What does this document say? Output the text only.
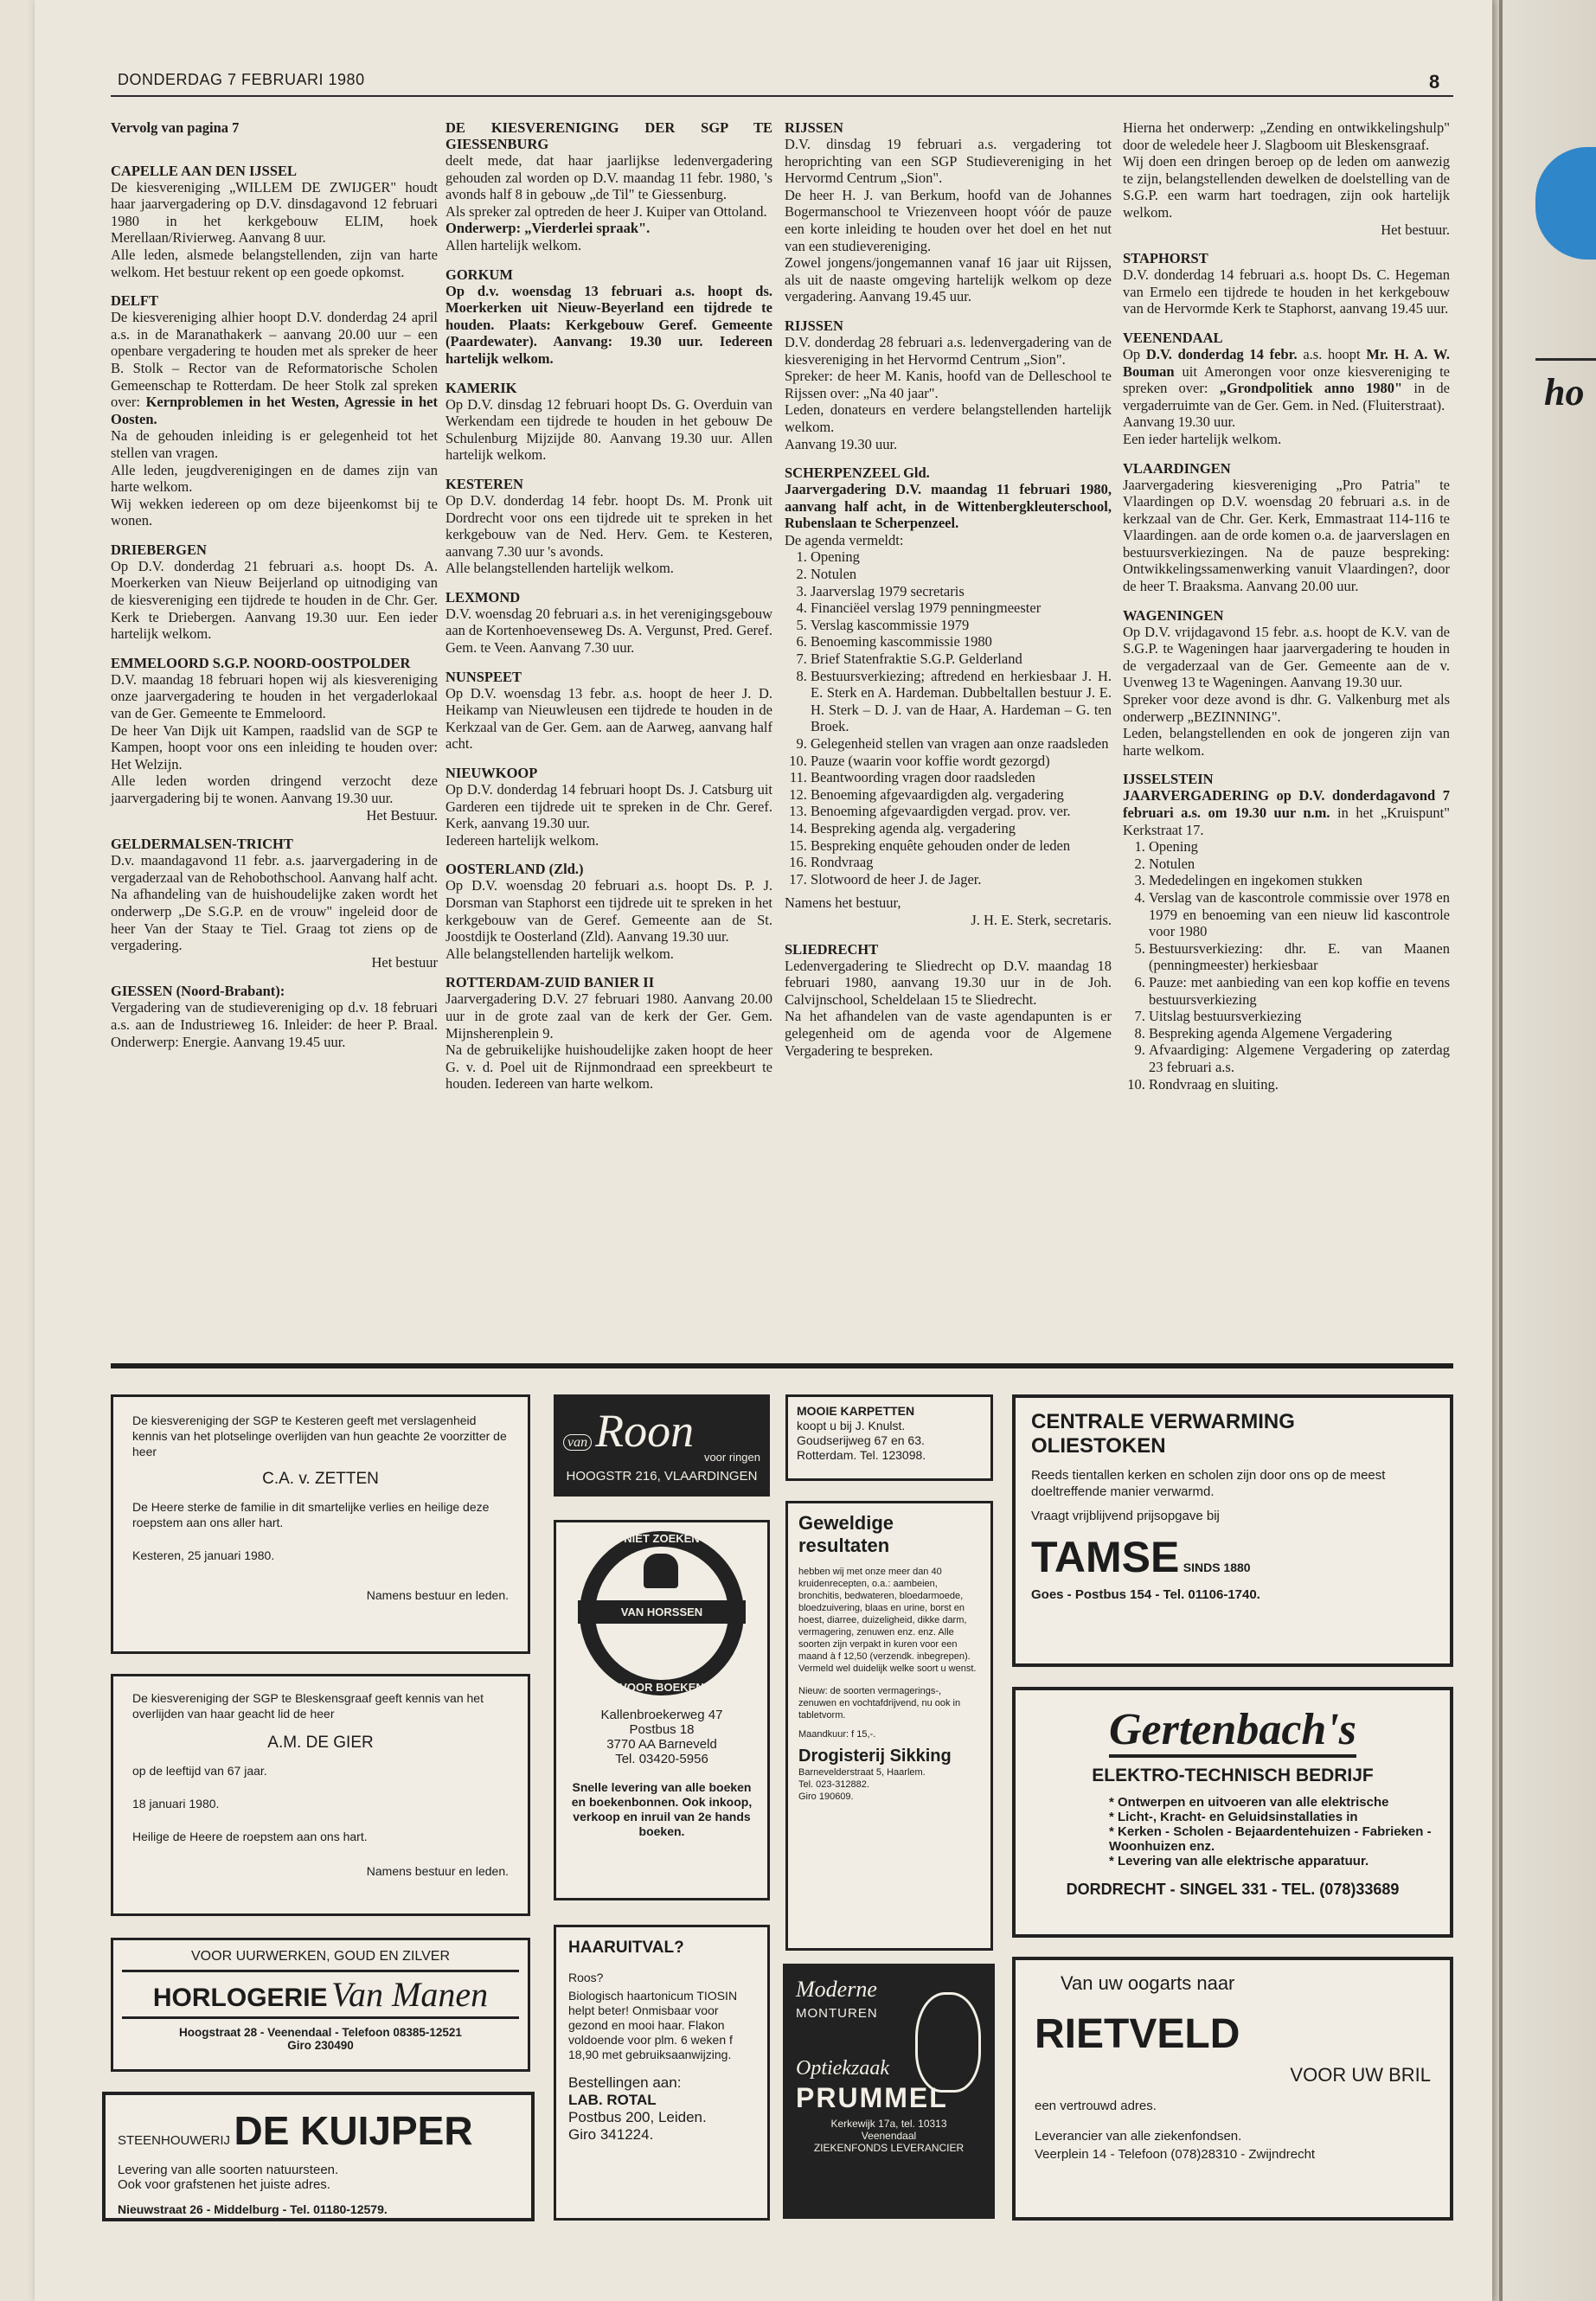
ho
DONDERDAG 7 FEBRUARI 1980	8

Vervolg van pagina 7

CAPELLE AAN DEN IJSSEL

De kiesvereniging „WILLEM DE ZWIJGER" houdt haar jaarvergadering op D.V. dinsdagavond 12 februari 1980 in het kerkgebouw ELIM, hoek Merellaan/Rivierweg. Aanvang 8 uur.

Alle leden, alsmede belangstellenden, zijn van harte welkom. Het bestuur rekent op een goede opkomst.

DELFT

De kiesvereniging alhier hoopt D.V. donderdag 24 april a.s. in de Maranathakerk – aanvang 20.00 uur – een openbare vergadering te houden met als spreker de heer B. Stolk – Rector van de Reformatorische Scholen Gemeenschap te Rotterdam. De heer Stolk zal spreken over: Kernproblemen in het Westen, Agressie in het Oosten.

Na de gehouden inleiding is er gelegenheid tot het stellen van vragen.

Alle leden, jeugdverenigingen en de dames zijn van harte welkom.

Wij wekken iedereen op om deze bijeenkomst bij te wonen.

DRIEBERGEN

Op D.V. donderdag 21 februari a.s. hoopt Ds. A. Moerkerken van Nieuw Beijerland op uitnodiging van de kiesvereniging een tijdrede te houden in de Chr. Ger. Kerk te Driebergen. Aanvang 19.30 uur. Een ieder hartelijk welkom.

EMMELOORD S.G.P. NOORD-OOSTPOLDER

D.V. maandag 18 februari hopen wij als kiesvereniging onze jaarvergadering te houden in het vergaderlokaal van de Ger. Gemeente te Emmeloord.

De heer Van Dijk uit Kampen, raadslid van de SGP te Kampen, hoopt voor ons een inleiding te houden over: Het Welzijn.

Alle leden worden dringend verzocht deze jaarvergadering bij te wonen. Aanvang 19.30 uur.

Het Bestuur.

GELDERMALSEN-TRICHT

D.v. maandagavond 11 febr. a.s. jaarvergadering in de vergaderzaal van de Rehobothschool. Aanvang half acht. Na afhandeling van de huishoudelijke zaken wordt het onderwerp „De S.G.P. en de vrouw" ingeleid door de heer Van der Staay te Tiel. Graag tot ziens op de vergadering.

Het bestuur

GIESSEN (Noord-Brabant):

Vergadering van de studievereniging op d.v. 18 februari a.s. aan de Industrieweg 16. Inleider: de heer P. Braal. Onderwerp: Energie. Aanvang 19.45 uur.

DE KIESVERENIGING DER SGP TE GIESSENBURG

deelt mede, dat haar jaarlijkse ledenvergadering gehouden zal worden op D.V. maandag 11 febr. 1980, 's avonds half 8 in gebouw „de Til" te Giessenburg.

Als spreker zal optreden de heer J. Kuiper van Ottoland.

Onderwerp: „Vierderlei spraak".

Allen hartelijk welkom.

GORKUM

Op d.v. woensdag 13 februari a.s. hoopt ds. Moerkerken uit Nieuw-Beyerland een tijdrede te houden. Plaats: Kerkgebouw Geref. Gemeente (Paardewater). Aanvang: 19.30 uur. Iedereen hartelijk welkom.

KAMERIK

Op D.V. dinsdag 12 februari hoopt Ds. G. Overduin van Werkendam een tijdrede te houden in het gebouw De Schulenburg Mijzijde 80. Aanvang 19.30 uur. Allen hartelijk welkom.

KESTEREN

Op D.V. donderdag 14 febr. hoopt Ds. M. Pronk uit Dordrecht voor ons een tijdrede uit te spreken in het kerkgebouw van de Ned. Herv. Gem. te Kesteren, aanvang 7.30 uur 's avonds.

Alle belangstellenden hartelijk welkom.

LEXMOND

D.V. woensdag 20 februari a.s. in het verenigingsgebouw aan de Kortenhoevenseweg Ds. A. Vergunst, Pred. Geref. Gem. te Veen. Aanvang 7.30 uur.

NUNSPEET

Op D.V. woensdag 13 febr. a.s. hoopt de heer J. D. Heikamp van Nieuwleusen een tijdrede te houden in de Kerkzaal van de Ger. Gem. aan de Aarweg, aanvang half acht.

NIEUWKOOP

Op D.V. donderdag 14 februari hoopt Ds. J. Catsburg uit Garderen een tijdrede uit te spreken in de Chr. Geref. Kerk, aanvang 19.30 uur.

Iedereen hartelijk welkom.

OOSTERLAND (Zld.)

Op D.V. woensdag 20 februari a.s. hoopt Ds. P. J. Dorsman van Staphorst een tijdrede uit te spreken in het kerkgebouw van de Geref. Gemeente aan de St. Joostdijk te Oosterland (Zld). Aanvang 19.30 uur.

Alle belangstellenden hartelijk welkom.

ROTTERDAM-ZUID BANIER II

Jaarvergadering D.V. 27 februari 1980. Aanvang 20.00 uur in de grote zaal van de kerk der Ger. Gem. Mijnsherenplein 9.

Na de gebruikelijke huishoudelijke zaken hoopt de heer G. v. d. Poel uit de Rijnmondraad een spreekbeurt te houden. Iedereen van harte welkom.

RIJSSEN

D.V. dinsdag 19 februari a.s. vergadering tot heroprichting van een SGP Studievereniging in het Hervormd Centrum „Sion".

De heer H. J. van Berkum, hoofd van de Johannes Bogermanschool te Vriezenveen hoopt vóór de pauze een korte inleiding te houden over het doel en het nut van een studievereniging.

Zowel jongens/jongemannen vanaf 16 jaar uit Rijssen, als uit de naaste omgeving hartelijk welkom op deze vergadering. Aanvang 19.45 uur.

RIJSSEN

D.V. donderdag 28 februari a.s. ledenvergadering van de kiesvereniging in het Hervormd Centrum „Sion".

Spreker: de heer M. Kanis, hoofd van de Delleschool te Rijssen over: „Na 40 jaar".

Leden, donateurs en verdere belangstellenden hartelijk welkom.

Aanvang 19.30 uur.

SCHERPENZEEL Gld.

Jaarvergadering D.V. maandag 11 februari 1980, aanvang half acht, in de Wittenbergkleuterschool, Rubenslaan te Scherpenzeel.

De agenda vermeldt:

1. Opening
2. Notulen
3. Jaarverslag 1979 secretaris
4. Financiëel verslag 1979 penningmeester
5. Verslag kascommissie 1979
6. Benoeming kascommissie 1980
7. Brief Statenfraktie S.G.P. Gelderland
8. Bestuursverkiezing; aftredend en herkiesbaar J. H. E. Sterk en A. Hardeman. Dubbeltallen bestuur J. E. H. Sterk – D. J. van de Haar, A. Hardeman – G. ten Broek.
9. Gelegenheid stellen van vragen aan onze raadsleden
10. Pauze (waarin voor koffie wordt gezorgd)
11. Beantwoording vragen door raadsleden
12. Benoeming afgevaardigden alg. vergadering
13. Benoeming afgevaardigden vergad. prov. ver.
14. Bespreking agenda alg. vergadering
15. Bespreking enquête gehouden onder de leden
16. Rondvraag
17. Slotwoord de heer J. de Jager.

Namens het bestuur,

J. H. E. Sterk, secretaris.

SLIEDRECHT

Ledenvergadering te Sliedrecht op D.V. maandag 18 februari 1980, aanvang 19.30 uur in de Joh. Calvijnschool, Scheldelaan 15 te Sliedrecht.

Na het afhandelen van de vaste agendapunten is er gelegenheid om de agenda voor de Algemene Vergadering te bespreken.

Hierna het onderwerp: „Zending en ontwikkelingshulp" door de weledele heer J. Slagboom uit Bleskensgraaf.

Wij doen een dringen beroep op de leden om aanwezig te zijn, belangstellenden dewelken de doelstelling van de S.G.P. een warm hart toedragen, zijn ook hartelijk welkom.

Het bestuur.

STAPHORST

D.V. donderdag 14 februari a.s. hoopt Ds. C. Hegeman van Ermelo een tijdrede te houden in het kerkgebouw van de Hervormde Kerk te Staphorst, aanvang 19.45 uur.

VEENENDAAL

Op D.V. donderdag 14 febr. a.s. hoopt Mr. H. A. W. Bouman uit Amerongen voor onze kiesvereniging te spreken over: „Grondpolitiek anno 1980" in de vergaderruimte van de Ger. Gem. in Ned. (Fluiterstraat).

Aanvang 19.30 uur.

Een ieder hartelijk welkom.

VLAARDINGEN

Jaarvergadering kiesvereniging „Pro Patria" te Vlaardingen op D.V. woensdag 20 februari a.s. in de kerkzaal van de Chr. Ger. Kerk, Emmastraat 114-116 te Vlaardingen. aan de orde komen o.a. de jaarverslagen en bestuursverkiezingen. Na de pauze bespreking: Ontwikkelingssamenwerking vanuit Vlaardingen?, door de heer T. Braaksma. Aanvang 20.00 uur.

WAGENINGEN

Op D.V. vrijdagavond 15 febr. a.s. hoopt de K.V. van de S.G.P. te Wageningen haar jaarvergadering te houden in de vergaderzaal van de Ger. Gemeente aan de v. Uvenweg 13 te Wageningen. Aanvang 19.30 uur.

Spreker voor deze avond is dhr. G. Valkenburg met als onderwerp „BEZINNING".

Leden, belangstellenden en ook de jongeren zijn van harte welkom.

IJSSELSTEIN

JAARVERGADERING op D.V. donderdagavond 7 februari a.s. om 19.30 uur n.m. in het „Kruispunt" Kerkstraat 17.

1. Opening
2. Notulen
3. Mededelingen en ingekomen stukken
4. Verslag van de kascontrole commissie over 1978 en 1979 en benoeming van een nieuw lid kascontrole voor 1980
5. Bestuursverkiezing: dhr. E. van Maanen (penningmeester) herkiesbaar
6. Pauze: met aanbieding van een kop koffie en tevens bestuursverkiezing
7. Uitslag bestuursverkiezing
8. Bespreking agenda Algemene Vergadering
9. Afvaardiging: Algemene Vergadering op zaterdag 23 februari a.s.
10. Rondvraag en sluiting.

De kiesvereniging der SGP te Kesteren geeft met verslagenheid kennis van het plotselinge overlijden van hun geachte 2e voorzitter de heer

C.A. v. ZETTEN

De Heere sterke de familie in dit smartelijke verlies en heilige deze roepstem aan ons aller hart.

Kesteren, 25 januari 1980.

Namens bestuur en leden.

De kiesvereniging der SGP te Bleskensgraaf geeft kennis van het overlijden van haar geacht lid de heer

A.M. DE GIER

op de leeftijd van 67 jaar.

18 januari 1980.

Heilige de Heere de roepstem aan ons hart.

Namens bestuur en leden.

VOOR UURWERKEN, GOUD EN ZILVER

HORLOGERIE Van Manen

Hoogstraat 28 - Veenendaal - Telefoon 08385-12521

Giro 230490

STEENHOUWERIJ DE KUIJPER

Levering van alle soorten natuursteen.

Ook voor grafstenen het juiste adres.

Nieuwstraat 26 - Middelburg - Tel. 01180-12579.

van Roon

voor ringen

HOOGSTR 216, VLAARDINGEN

NIET ZOEKEN
VAN HORSSEN
VOOR BOEKEN

Kallenbroekerweg 47

Postbus 18

3770 AA Barneveld

Tel. 03420-5956

Snelle levering van alle boeken en boekenbonnen. Ook inkoop, verkoop en inruil van 2e hands boeken.

MOOIE KARPETTEN

koopt u bij J. Knulst.

Goudserijweg 67 en 63.

Rotterdam. Tel. 123098.

Geweldige resultaten

hebben wij met onze meer dan 40 kruidenrecepten, o.a.: aambeien, bronchitis, bedwateren, bloedarmoede, bloedzuivering, blaas en urine, borst en hoest, diarree, duizeligheid, dikke darm, vermagering, zenuwen enz. enz. Alle soorten zijn verpakt in kuren voor een maand à f 12,50 (verzendk. inbegrepen). Vermeld wel duidelijk welke soort u wenst.

Nieuw: de soorten vermagerings-, zenuwen en vochtafdrijvend, nu ook in tabletvorm.

Maandkuur: f 15,-.

Drogisterij Sikking

Barnevelderstraat 5, Haarlem.

Tel. 023-312882.

Giro 190609.

HAARUITVAL?

Roos?

Biologisch haartonicum TIOSIN helpt beter! Onmisbaar voor gezond en mooi haar. Flakon voldoende voor plm. 6 weken f 18,90 met gebruiksaanwijzing.

Bestellingen aan:

LAB. ROTAL

Postbus 200, Leiden.

Giro 341224.

Moderne

MONTUREN

Optiekzaak

PRUMMEL

Kerkewijk 17a, tel. 10313

Veenendaal

ZIEKENFONDS LEVERANCIER

CENTRALE VERWARMING

OLIESTOKEN

Reeds tientallen kerken en scholen zijn door ons op de meest doeltreffende manier verwarmd.

Vraagt vrijblijvend prijsopgave bij

TAMSE SINDS 1880

Goes - Postbus 154 - Tel. 01106-1740.

Gertenbach's

ELEKTRO-TECHNISCH BEDRIJF

* Ontwerpen en uitvoeren van alle elektrische

* Licht-, Kracht- en Geluidsinstallaties in

* Kerken - Scholen - Bejaardentehuizen - Fabrieken - Woonhuizen enz.

* Levering van alle elektrische apparatuur.

DORDRECHT - SINGEL 331 - TEL. (078)33689

Van uw oogarts naar

RIETVELD

VOOR UW BRIL

een vertrouwd adres.

Leverancier van alle ziekenfondsen.

Veerplein 14 - Telefoon (078)28310 - Zwijndrecht
